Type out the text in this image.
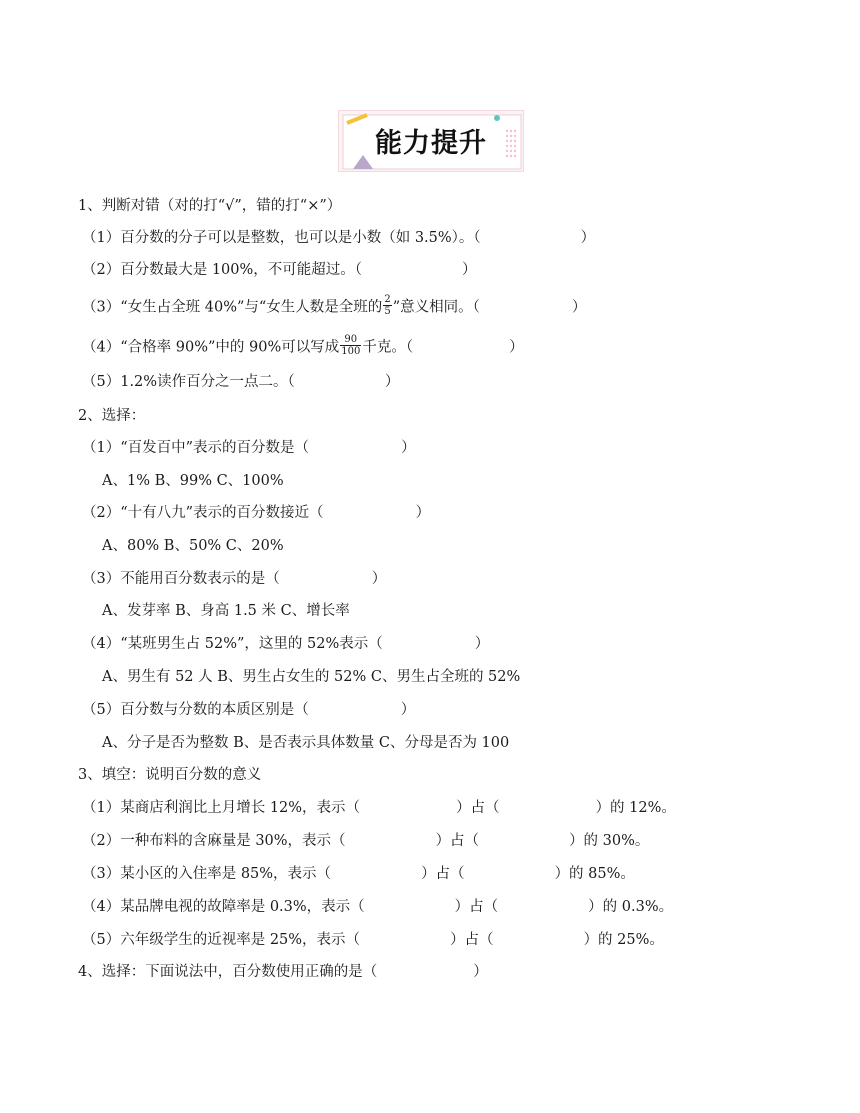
能力提升
1、判断对错（对的打“√”，错的打“×”）
（1）百分数的分子可以是整数，也可以是小数（如 3.5%）。（	）
（2）百分数最大是 100%，不可能超过。（	）
（3）“女生占全班 40%”与“女生人数是全班的 $\frac{2}{5}$ ”意义相同。（	）
（4）“合格率 90%”中的 90%可以写成 $\frac{90}{100}$ 千克。（	）
（5）1.2%读作百分之一点二。（	）
2、选择：
（1）“百发百中”表示的百分数是（	）
A、1% B、99% C、100%
（2）“十有八九”表示的百分数接近（	）
A、80% B、50% C、20%
（3）不能用百分数表示的是（	）
A、发芽率 B、身高 1.5 米 C、增长率
（4）“某班男生占 52%”，这里的 52%表示（	）
A、男生有 52 人 B、男生占女生的 52% C、男生占全班的 52%
（5）百分数与分数的本质区别是（	）
A、分子是否为整数 B、是否表示具体数量 C、分母是否为 100
3、填空：说明百分数的意义
（1）某商店利润比上月增长 12%，表示（	）占（	）的 12%。
（2）一种布料的含麻量是 30%，表示（	）占（	）的 30%。
（3）某小区的入住率是 85%，表示（	）占（	）的 85%。
（4）某品牌电视的故障率是 0.3%，表示（	）占（	）的 0.3%。
（5）六年级学生的近视率是 25%，表示（	）占（	）的 25%。
4、选择：下面说法中，百分数使用正确的是（	）
